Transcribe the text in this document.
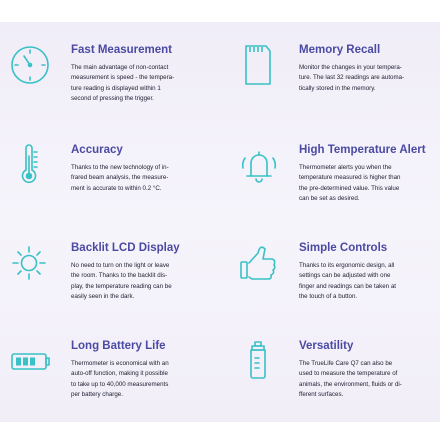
Fast Measurement
The main advantage of non-contact
measurement is speed - the tempera-
ture reading is displayed within 1
second of pressing the trigger.
Memory Recall
Monitor the changes in your tempera-
ture. The last 32 readings are automa-
tically stored in the memory.
Accuracy
Thanks to the new technology of in-
frared beam analysis, the measure-
ment is accurate to within 0.2 °C.
High Temperature Alert
Thermometer alerts you when the
temperature measured is higher than
the pre-determined value. This value
can be set as desired.
Backlit LCD Display
No need to turn on the light or leave
the room. Thanks to the backlit dis-
play, the temperature reading can be
easily seen in the dark.
Simple Controls
Thanks to its ergonomic design, all
settings can be adjusted with one
finger and readings can be taken at
the touch of a button.
Long Battery Life
Thermometer is economical with an
auto-off function, making it possible
to take up to 40,000 measurements
per battery charge.
Versatility
The TrueLife Care Q7 can also be
used to measure the temperature of
animals, the environment, fluids or di-
fferent surfaces.
